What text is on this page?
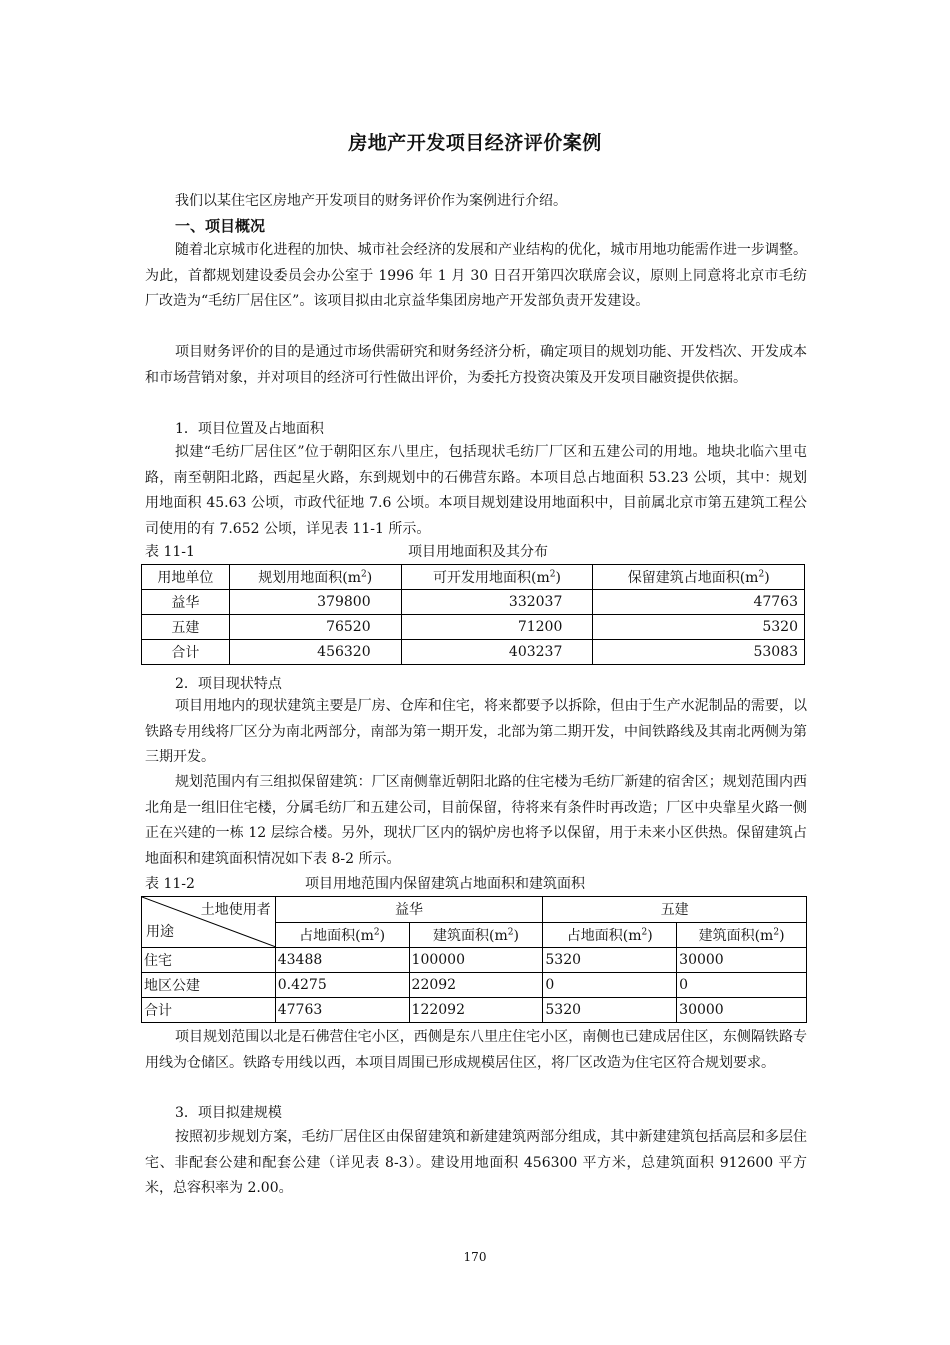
房地产开发项目经济评价案例

我们以某住宅区房地产开发项目的财务评价作为案例进行介绍。

一、项目概况

随着北京城市化进程的加快、城市社会经济的发展和产业结构的优化，城市用地功能需作进一步调整。为此，首都规划建设委员会办公室于 1996 年 1 月 30 日召开第四次联席会议，原则上同意将北京市毛纺厂改造为“毛纺厂居住区”。该项目拟由北京益华集团房地产开发部负责开发建设。

项目财务评价的目的是通过市场供需研究和财务经济分析，确定项目的规划功能、开发档次、开发成本和市场营销对象，并对项目的经济可行性做出评价，为委托方投资决策及开发项目融资提供依据。

1．项目位置及占地面积

拟建“毛纺厂居住区”位于朝阳区东八里庄，包括现状毛纺厂厂区和五建公司的用地。地块北临六里屯路，南至朝阳北路，西起星火路，东到规划中的石佛营东路。本项目总占地面积 53.23 公顷，其中：规划用地面积 45.63 公顷，市政代征地 7.6 公顷。本项目规划建设用地面积中，目前属北京市第五建筑工程公司使用的有 7.652 公顷，详见表 11-1 所示。

表 11-1	项目用地面积及其分布
用地单位	规划用地面积$(m^2)$	可开发用地面积$(m^2)$	保留建筑占地面积$(m^2)$
益华	379800	332037	47763
五建	76520	71200	5320
合计	456320	403237	53083
2．项目现状特点

项目用地内的现状建筑主要是厂房、仓库和住宅，将来都要予以拆除，但由于生产水泥制品的需要，以铁路专用线将厂区分为南北两部分，南部为第一期开发，北部为第二期开发，中间铁路线及其南北两侧为第三期开发。

规划范围内有三组拟保留建筑：厂区南侧靠近朝阳北路的住宅楼为毛纺厂新建的宿舍区；规划范围内西北角是一组旧住宅楼，分属毛纺厂和五建公司，目前保留，待将来有条件时再改造；厂区中央靠星火路一侧正在兴建的一栋 12 层综合楼。另外，现状厂区内的锅炉房也将予以保留，用于未来小区供热。保留建筑占地面积和建筑面积情况如下表 8-2 所示。

表 11-2	项目用地范围内保留建筑占地面积和建筑面积
土地使用者
用途	益华		五建	
	占地面积$(m^2)$	建筑面积$(m^2)$	占地面积$(m^2)$	建筑面积$(m^2)$
住宅	43488	100000	5320	30000
地区公建	0.4275	22092	0	0
合计	47763	122092	5320	30000

项目规划范围以北是石佛营住宅小区，西侧是东八里庄住宅小区，南侧也已建成居住区，东侧隔铁路专用线为仓储区。铁路专用线以西，本项目周围已形成规模居住区，将厂区改造为住宅区符合规划要求。

3．项目拟建规模

按照初步规划方案，毛纺厂居住区由保留建筑和新建建筑两部分组成，其中新建建筑包括高层和多层住宅、非配套公建和配套公建（详见表 8-3）。建设用地面积 456300 平方米，总建筑面积 912600 平方米，总容积率为 2.00。

170
